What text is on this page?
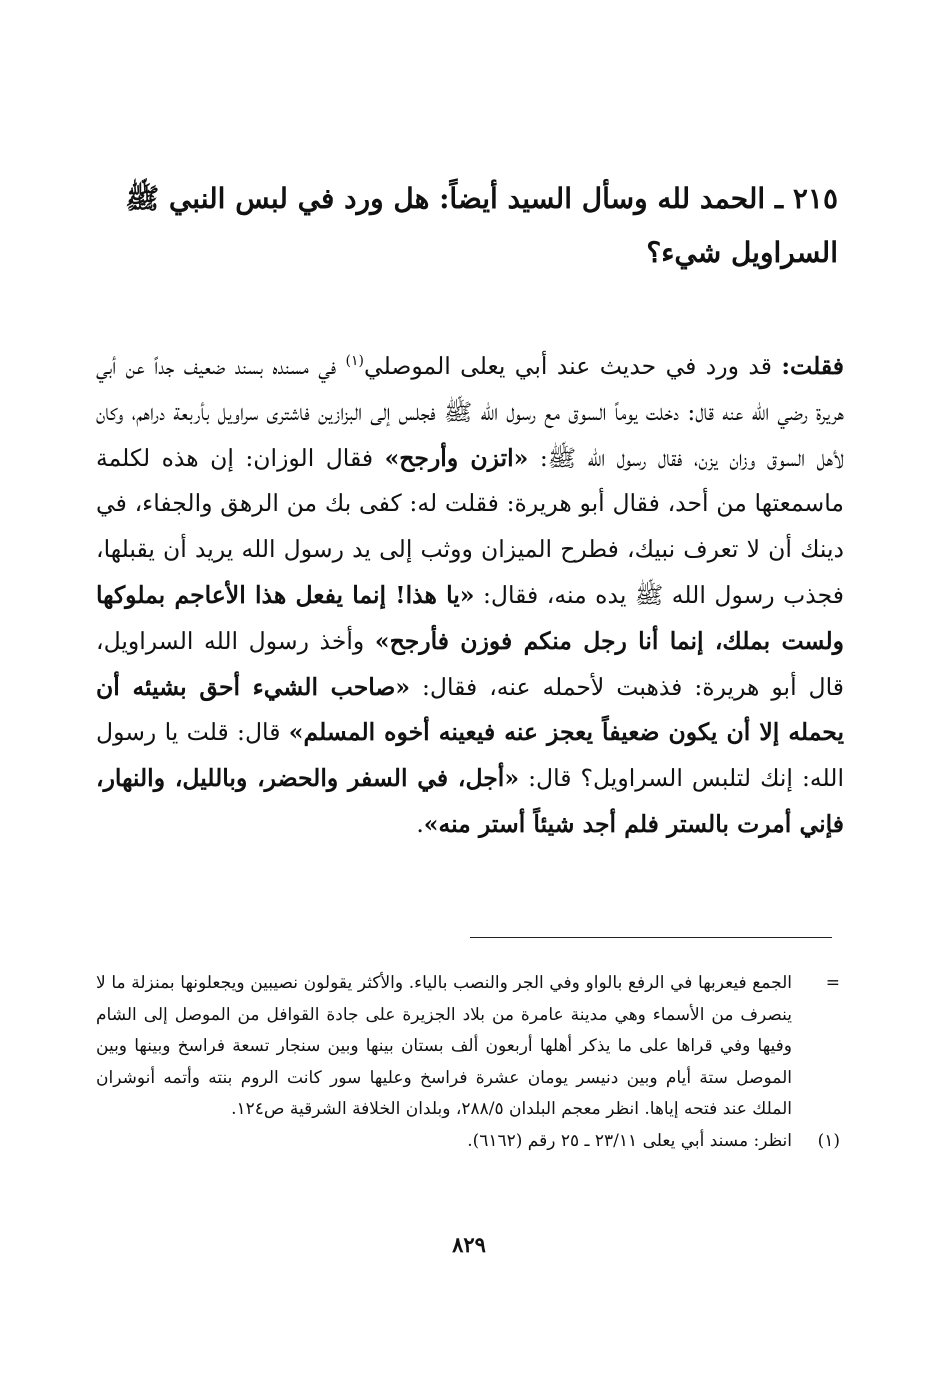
٢١٥ ـ الحمد لله وسأل السيد أيضاً: هل ورد في لبس النبي ﷺ السراويل شيء؟
فقلت: قد ورد في حديث عند أبي يعلى الموصلي$^{(١)}$ في مسنده بسند ضعيف جداً عن أبي هريرة رضي الله عنه قال: دخلت يوماً السوق مع رسول الله ﷺ فجلس إلى البزازين فاشترى سراويل بأربعة دراهم، وكان لأهل السوق وزان يزن، فقال رسول الله ﷺ: «اتزن وأرجح» فقال الوزان: إن هذه لكلمة ماسمعتها من أحد، فقال أبو هريرة: فقلت له: كفى بك من الرهق والجفاء، في دينك أن لا تعرف نبيك، فطرح الميزان ووثب إلى يد رسول الله يريد أن يقبلها، فجذب رسول الله ﷺ يده منه، فقال: «يا هذا! إنما يفعل هذا الأعاجم بملوكها ولست بملك، إنما أنا رجل منكم فوزن فأرجح» وأخذ رسول الله السراويل، قال أبو هريرة: فذهبت لأحمله عنه، فقال: «صاحب الشيء أحق بشيئه أن يحمله إلا أن يكون ضعيفاً يعجز عنه فيعينه أخوه المسلم» قال: قلت يا رسول الله: إنك لتلبس السراويل؟ قال: «أجل، في السفر والحضر، وبالليل، والنهار، فإني أمرت بالستر فلم أجد شيئاً أستر منه».
=
الجمع فيعربها في الرفع بالواو وفي الجر والنصب بالياء. والأكثر يقولون نصيبين ويجعلونها بمنزلة ما لا ينصرف من الأسماء وهي مدينة عامرة من بلاد الجزيرة على جادة القوافل من الموصل إلى الشام وفيها وفي قراها على ما يذكر أهلها أربعون ألف بستان بينها وبين سنجار تسعة فراسخ وبينها وبين الموصل ستة أيام وبين دنيسر يومان عشرة فراسخ وعليها سور كانت الروم بنته وأتمه أنوشران الملك عند فتحه إياها. انظر معجم البلدان ٢٨٨/٥، وبلدان الخلافة الشرقية ص١٢٤.
(١)
انظر: مسند أبي يعلى ٢٣/١١ ـ ٢٥ رقم (٦١٦٢).
٨٢٩
